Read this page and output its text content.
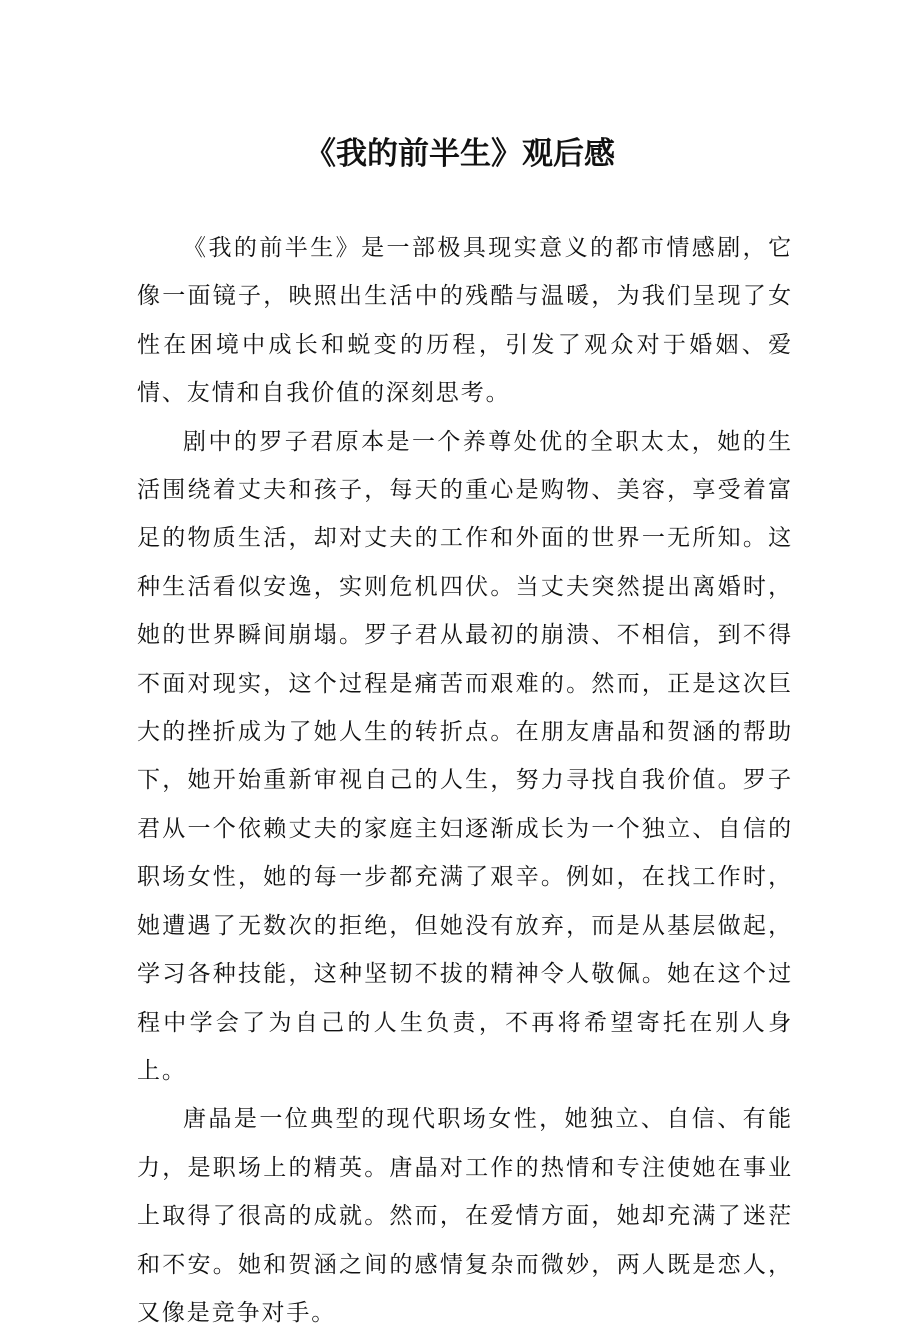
《我的前半生》观后感

《我的前半生》是一部极具现实意义的都市情感剧，它像一面镜子，映照出生活中的残酷与温暖，为我们呈现了女性在困境中成长和蜕变的历程，引发了观众对于婚姻、爱情、友情和自我价值的深刻思考。

剧中的罗子君原本是一个养尊处优的全职太太，她的生活围绕着丈夫和孩子，每天的重心是购物、美容，享受着富足的物质生活，却对丈夫的工作和外面的世界一无所知。这种生活看似安逸，实则危机四伏。当丈夫突然提出离婚时，她的世界瞬间崩塌。罗子君从最初的崩溃、不相信，到不得不面对现实，这个过程是痛苦而艰难的。然而，正是这次巨大的挫折成为了她人生的转折点。在朋友唐晶和贺涵的帮助下，她开始重新审视自己的人生，努力寻找自我价值。罗子君从一个依赖丈夫的家庭主妇逐渐成长为一个独立、自信的职场女性，她的每一步都充满了艰辛。例如，在找工作时，她遭遇了无数次的拒绝，但她没有放弃，而是从基层做起，学习各种技能，这种坚韧不拔的精神令人敬佩。她在这个过程中学会了为自己的人生负责，不再将希望寄托在别人身上。

唐晶是一位典型的现代职场女性，她独立、自信、有能力，是职场上的精英。唐晶对工作的热情和专注使她在事业上取得了很高的成就。然而，在爱情方面，她却充满了迷茫和不安。她和贺涵之间的感情复杂而微妙，两人既是恋人，又像是竞争对手。
